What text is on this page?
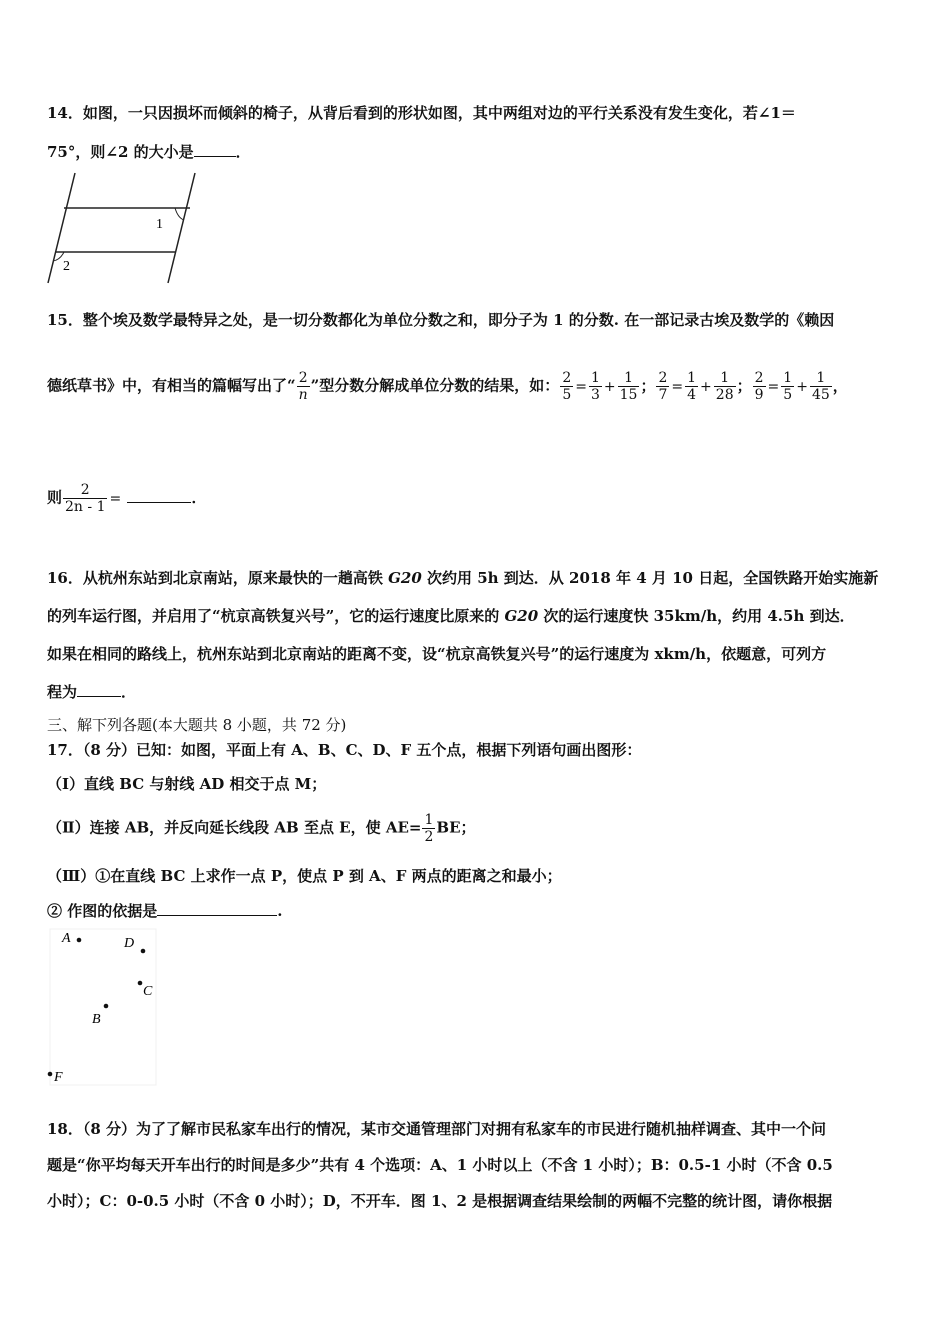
14．如图，一只因损坏而倾斜的椅子，从背后看到的形状如图，其中两组对边的平行关系没有发生变化，若∠1＝
75°，则∠2 的大小是	．
1
2
15．整个埃及数学最特异之处，是一切分数都化为单位分数之和，即分子为 1 的分数. 在一部记录古埃及数学的《赖因
德纸草书》中，有相当的篇幅写出了“ $\frac{2}{n}$ ”型分数分解成单位分数的结果，如： $\frac{2}{5} = \frac{1}{3} + \frac{1}{15}$ ； $\frac{2}{7} = \frac{1}{4} + \frac{1}{28}$ ； $\frac{2}{9} = \frac{1}{5} + \frac{1}{45}$ ，
则 $\frac{2}{2n - 1}$ =	．
16．从杭州东站到北京南站，原来最快的一趟高铁 G20 次约用 5h 到达．从 2018 年 4 月 10 日起，全国铁路开始实施新
的列车运行图，并启用了“杭京高铁复兴号”，它的运行速度比原来的 G20 次的运行速度快 35km/h，约用 4.5h 到达．
如果在相同的路线上，杭州东站到北京南站的距离不变，设“杭京高铁复兴号”的运行速度为 xkm/h，依题意，可列方
程为	．
三、解下列各题(本大题共 8 小题，共 72 分)
17．（8 分）已知：如图，平面上有 A、B、C、D、F 五个点，根据下列语句画出图形：
（Ⅰ）直线 BC 与射线 AD 相交于点 M；
（Ⅱ）连接 AB，并反向延长线段 AB 至点 E，使 $AE= \frac{1}{2}$ BE；
（Ⅲ）①在直线 BC 上求作一点 P，使点 P 到 A、F 两点的距离之和最小；
② 作图的依据是	.
A	D
C
B
F
18．（8 分）为了了解市民私家车出行的情况，某市交通管理部门对拥有私家车的市民进行随机抽样调查、其中一个问
题是“你平均每天开车出行的时间是多少”共有 4 个选项：A、1 小时以上（不含 1 小时）；B：0.5-1 小时（不含 0.5
小时）；C：0-0.5 小时（不含 0 小时）；D，不开车．图 1、2 是根据调查结果绘制的两幅不完整的统计图，请你根据
